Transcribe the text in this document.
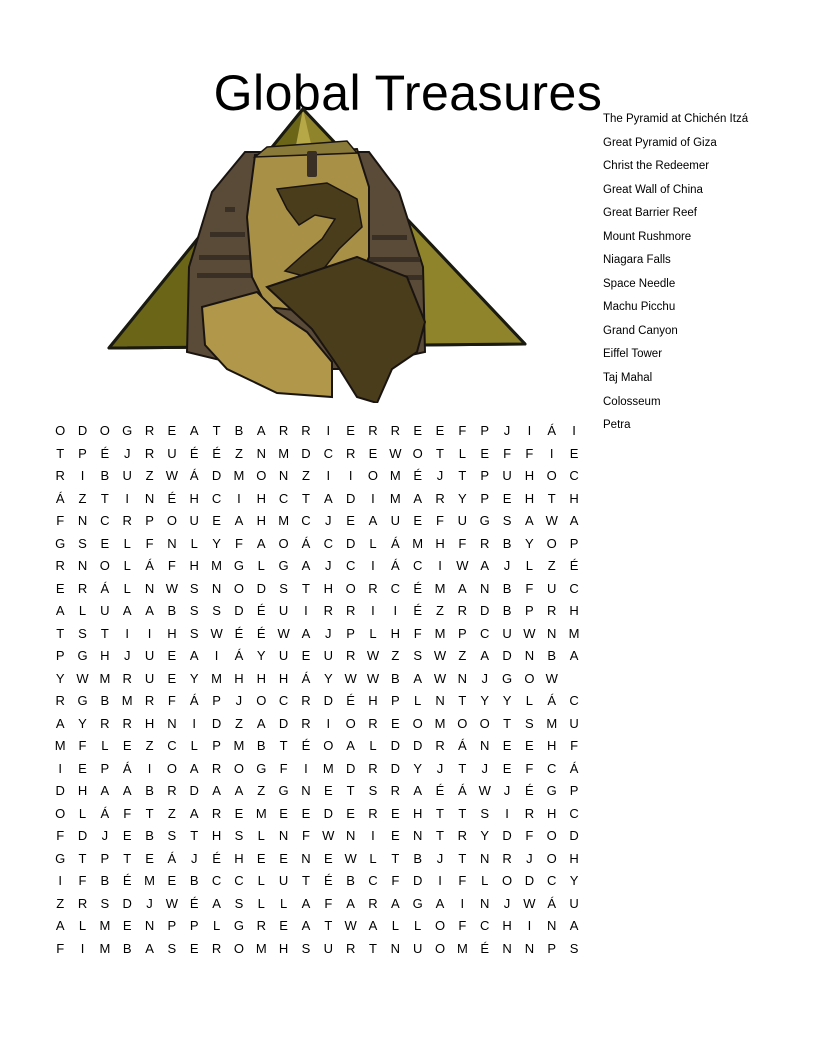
Global Treasures The Pyramid at Chichén Itzá
Great Pyramid of Giza
Christ the Redeemer
Great Wall of China
Great Barrier Reef
Mount Rushmore
Niagara Falls
Space Needle
Machu Picchu
Grand Canyon
Eiffel Tower
Taj Mahal
Colosseum
Petra
O D O G R	E	A	T	B	A	R R	I	E	R R	E	E	F	P	J	I	Á	I
T	P	É	J	R U	É	É	Z	N M D C R	E W O	T	L	E	F	F	I	E
R	I	B	U	Z W Á	D M O N	Z	I	I	O M É	J	T	P	U H O C
Á	Z	T	I	N	É	H C	I	H C	T	A	D	I	M A	R	Y	P	E	H	T	H
F	N C R	P O U	E	A	H M C	J	E	A	U	E	F	U G S	A W A
G S	E	L	F	N	L	Y	F	A O Á	C D	L	Á M H	F	R	B	Y O P
R N O	L	Á	F	H M G	L	G A	J	C	I	Á	C	I	W A	J	L	Z	É
E	R	Á	L	N W S	N O D	S	T	H O R C	É M A	N	B	F	U C
A	L	U	A	A	B	S	S	D	É	U	I	R R	I	I	É	Z	R D	B	P	R H
T	S	T	I	I	H	S W É	É W A	J	P	L	H	F M P	C U W N M
P G H	J	U	E	A	I	Á	Y	U	E	U R W Z	S W Z	A	D N	B	A
Y W M R U	E	Y M H H H	Á	Y W W B	A W N	J	G O W
R G B M R	F	Á	P	J	O C R D	É	H	P	L	N	T	Y	Y	L	Á	C
A	Y	R R H N	I	D	Z	A	D R	I	O R	E O M O O	T	S M U
M F	L	E	Z	C	L	P M B	T	É O A	L	D D R	Á	N	E	E	H	F
I	E	P	Á	I	O A	R O G	F	I	M D R D	Y	J	T	J	E	F	C	Á
D H	A	A	B	R D	A	A	Z	G N	E	T	S	R	A	É	Á W J	É G P
O	L	Á	F	T	Z	A	R	E M E	E	D	E	R	E	H	T	T	S	I	R H C
F	D	J	E	B	S	T	H	S	L	N	F W N	I	E	N	T	R	Y	D	F	O D
G	T	P	T	E	Á	J	É	H	E	E	N	E W L	T	B	J	T	N R	J	O H
I	F	B	É M E	B	C C	L	U	T	É	B	C	F	D	I	F	L	O D C	Y
Z	R	S	D	J W É	A	S	L	L	A	F	A	R	A G A	I	N	J W Á	U
A	L	M E	N	P	P	L	G R	E	A	T W A	L	L	O	F	C H	I	N	A
F	I	M B	A	S	E	R O M H	S	U R	T	N U O M É	N N	P	S
